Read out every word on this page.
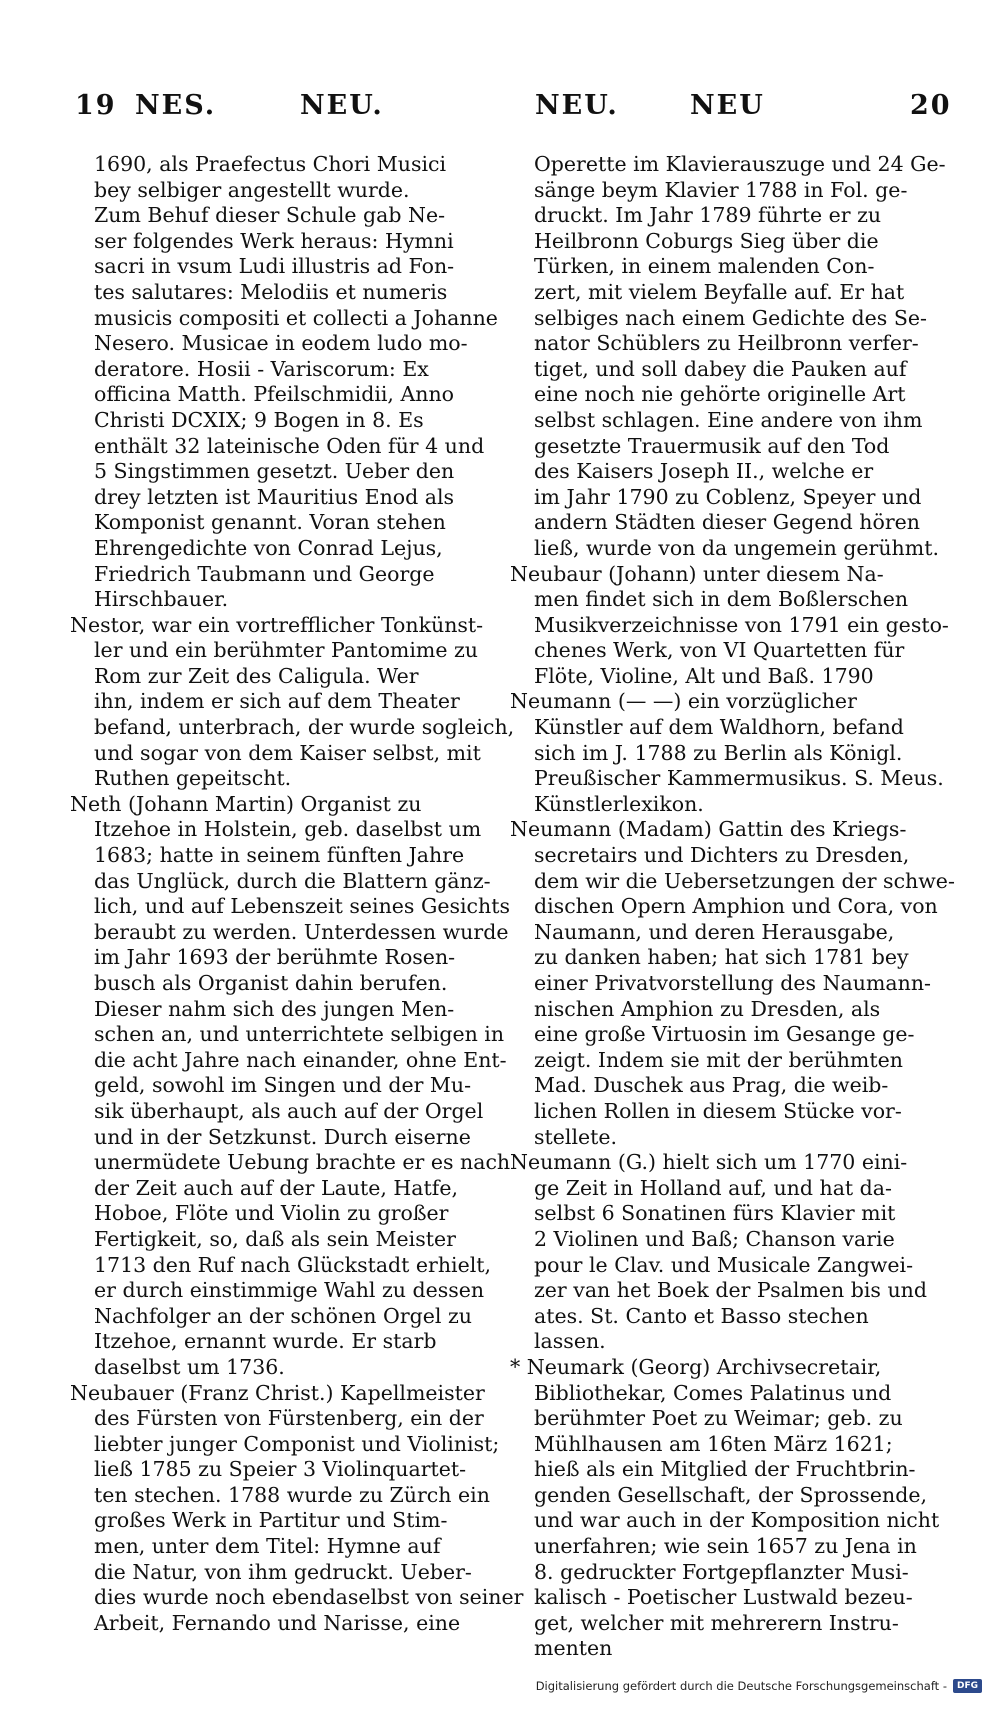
19 NES.	NEU.	NEU.	NEU	20
1690, als Praefectus Chori Musici
bey selbiger angestellt wurde.
Zum Behuf dieser Schule gab Ne-
ser folgendes Werk heraus: Hymni
sacri in vsum Ludi illustris ad Fon-
tes salutares: Melodiis et numeris
musicis compositi et collecti a Johanne
Nesero. Musicae in eodem ludo mo-
deratore. Hosii - Variscorum: Ex
officina Matth. Pfeilschmidii, Anno
Christi DCXIX; 9 Bogen in 8. Es
enthält 32 lateinische Oden für 4 und
5 Singstimmen gesetzt. Ueber den
drey letzten ist Mauritius Enod als
Komponist genannt. Voran stehen
Ehrengedichte von Conrad Lejus,
Friedrich Taubmann und George
Hirschbauer.
Nestor, war ein vortrefflicher Tonkünst-
ler und ein berühmter Pantomime zu
Rom zur Zeit des Caligula. Wer
ihn, indem er sich auf dem Theater
befand, unterbrach, der wurde sogleich,
und sogar von dem Kaiser selbst, mit
Ruthen gepeitscht.
Neth (Johann Martin) Organist zu
Itzehoe in Holstein, geb. daselbst um
1683; hatte in seinem fünften Jahre
das Unglück, durch die Blattern gänz-
lich, und auf Lebenszeit seines Gesichts
beraubt zu werden. Unterdessen wurde
im Jahr 1693 der berühmte Rosen-
busch als Organist dahin berufen.
Dieser nahm sich des jungen Men-
schen an, und unterrichtete selbigen in
die acht Jahre nach einander, ohne Ent-
geld, sowohl im Singen und der Mu-
sik überhaupt, als auch auf der Orgel
und in der Setzkunst. Durch eiserne
unermüdete Uebung brachte er es nach
der Zeit auch auf der Laute, Hatfe,
Hoboe, Flöte und Violin zu großer
Fertigkeit, so, daß als sein Meister
1713 den Ruf nach Glückstadt erhielt,
er durch einstimmige Wahl zu dessen
Nachfolger an der schönen Orgel zu
Itzehoe, ernannt wurde. Er starb
daselbst um 1736.
Neubauer (Franz Christ.) Kapellmeister
des Fürsten von Fürstenberg, ein der
liebter junger Componist und Violinist;
ließ 1785 zu Speier 3 Violinquartet-
ten stechen. 1788 wurde zu Zürch ein
großes Werk in Partitur und Stim-
men, unter dem Titel: Hymne auf
die Natur, von ihm gedruckt. Ueber-
dies wurde noch ebendaselbst von seiner
Arbeit, Fernando und Narisse, eine
Operette im Klavierauszuge und 24 Ge-
sänge beym Klavier 1788 in Fol. ge-
druckt. Im Jahr 1789 führte er zu
Heilbronn Coburgs Sieg über die
Türken, in einem malenden Con-
zert, mit vielem Beyfalle auf. Er hat
selbiges nach einem Gedichte des Se-
nator Schüblers zu Heilbronn verfer-
tiget, und soll dabey die Pauken auf
eine noch nie gehörte originelle Art
selbst schlagen. Eine andere von ihm
gesetzte Trauermusik auf den Tod
des Kaisers Joseph II., welche er
im Jahr 1790 zu Coblenz, Speyer und
andern Städten dieser Gegend hören
ließ, wurde von da ungemein gerühmt.
Neubaur (Johann) unter diesem Na-
men findet sich in dem Boßlerschen
Musikverzeichnisse von 1791 ein gesto-
chenes Werk, von VI Quartetten für
Flöte, Violine, Alt und Baß. 1790
Neumann (— —) ein vorzüglicher
Künstler auf dem Waldhorn, befand
sich im J. 1788 zu Berlin als Königl.
Preußischer Kammermusikus. S. Meus.
Künstlerlexikon.
Neumann (Madam) Gattin des Kriegs-
secretairs und Dichters zu Dresden,
dem wir die Uebersetzungen der schwe-
dischen Opern Amphion und Cora, von
Naumann, und deren Herausgabe,
zu danken haben; hat sich 1781 bey
einer Privatvorstellung des Naumann-
nischen Amphion zu Dresden, als
eine große Virtuosin im Gesange ge-
zeigt. Indem sie mit der berühmten
Mad. Duschek aus Prag, die weib-
lichen Rollen in diesem Stücke vor-
stellete.
Neumann (G.) hielt sich um 1770 eini-
ge Zeit in Holland auf, und hat da-
selbst 6 Sonatinen fürs Klavier mit
2 Violinen und Baß; Chanson varie
pour le Clav. und Musicale Zangwei-
zer van het Boek der Psalmen bis und
ates. St. Canto et Basso stechen
lassen.
* Neumark (Georg) Archivsecretair,
Bibliothekar, Comes Palatinus und
berühmter Poet zu Weimar; geb. zu
Mühlhausen am 16ten März 1621;
hieß als ein Mitglied der Fruchtbrin-
genden Gesellschaft, der Sprossende,
und war auch in der Komposition nicht
unerfahren; wie sein 1657 zu Jena in
8. gedruckter Fortgepflanzter Musi-
kalisch - Poetischer Lustwald bezeu-
get, welcher mit mehrerern Instru-
menten
Digitalisierung gefördert durch die Deutsche Forschungsgemeinschaft -	DFG
